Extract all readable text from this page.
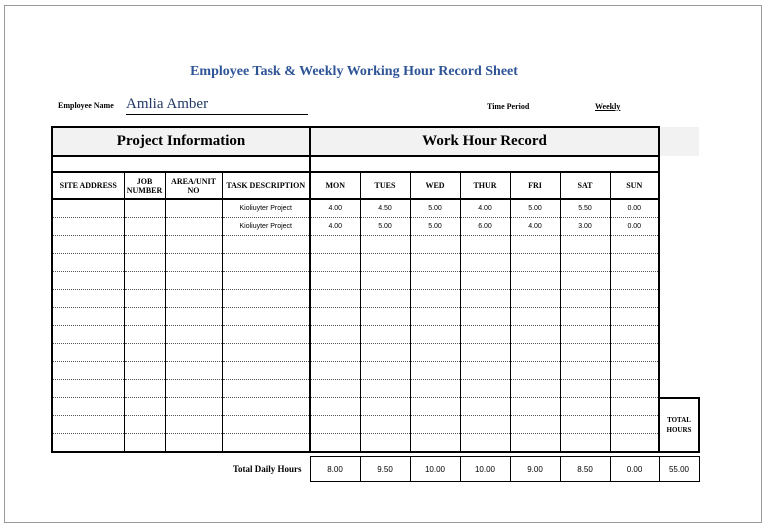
Employee Task & Weekly Working Hour Record Sheet
Employee Name Amlia Amber	Time Period	Weekly
Project Information				Work Hour Record							

SITE ADDRESS	JOB NUMBER	AREA/UNIT NO	TASK DESCRIPTION	MON	TUES	WED	THUR	FRI	SAT	SUN	
			Kioliuyter Project	4.00	4.50	5.00	4.00	5.00	5.50	0.00	
			Kioliuyter Project	4.00	5.00	5.00	6.00	4.00	3.00	0.00	

											TOTAL HOURS

Total Daily Hours				8.00	9.50	10.00	10.00	9.00	8.50	0.00	55.00
